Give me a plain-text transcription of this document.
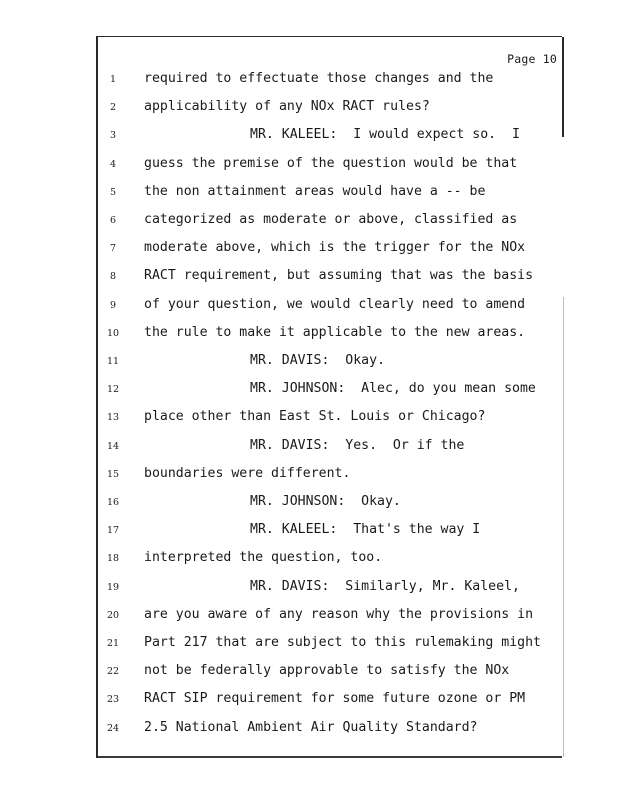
Page 10
1	required to effectuate those changes and the
2	applicability of any NOx RACT rules?
3	MR. KALEEL:  I would expect so.  I
4	guess the premise of the question would be that
5	the non attainment areas would have a -- be
6	categorized as moderate or above, classified as
7	moderate above, which is the trigger for the NOx
8	RACT requirement, but assuming that was the basis
9	of your question, we would clearly need to amend
10	the rule to make it applicable to the new areas.
11	MR. DAVIS:  Okay.
12	MR. JOHNSON:  Alec, do you mean some
13	place other than East St. Louis or Chicago?
14	MR. DAVIS:  Yes.  Or if the
15	boundaries were different.
16	MR. JOHNSON:  Okay.
17	MR. KALEEL:  That's the way I
18	interpreted the question, too.
19	MR. DAVIS:  Similarly, Mr. Kaleel,
20	are you aware of any reason why the provisions in
21	Part 217 that are subject to this rulemaking might
22	not be federally approvable to satisfy the NOx
23	RACT SIP requirement for some future ozone or PM
24	2.5 National Ambient Air Quality Standard?
